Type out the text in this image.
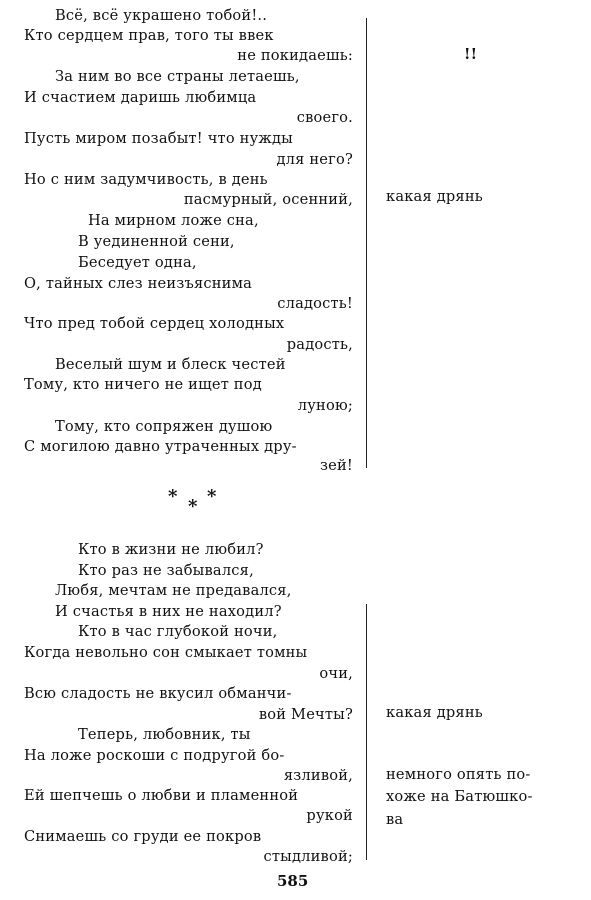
Всё, всё украшено тобой!..
Кто сердцем прав, того ты ввек
не покидаешь:
За ним во все страны летаешь,
И счастием даришь любимца
своего.
Пусть миром позабыт! что нужды
для него?
Но с ним задумчивость, в день
пасмурный, осенний,
На мирном ложе сна,
В уединенной сени,
Беседует одна,
О, тайных слез неизъяснима
сладость!
Что пред тобой сердец холодных
радость,
Веселый шум и блеск честей
Тому, кто ничего не ищет под
луною;
Тому, кто сопряжен душою
С могилою давно утраченных дру-
зей!
!!
какая дрянь
* * *
Кто в жизни не любил?
Кто раз не забывался,
Любя, мечтам не предавался,
И счастья в них не находил?
Кто в час глубокой ночи,
Когда невольно сон смыкает томны
очи,
Всю сладость не вкусил обманчи-
вой Мечты?
Теперь, любовник, ты
На ложе роскоши с подругой бо-
язливой,
Ей шепчешь о любви и пламенной
рукой
Снимаешь со груди ее покров
стыдливой;
какая дрянь
немного опять по-
хоже на Батюшко-
ва
585
